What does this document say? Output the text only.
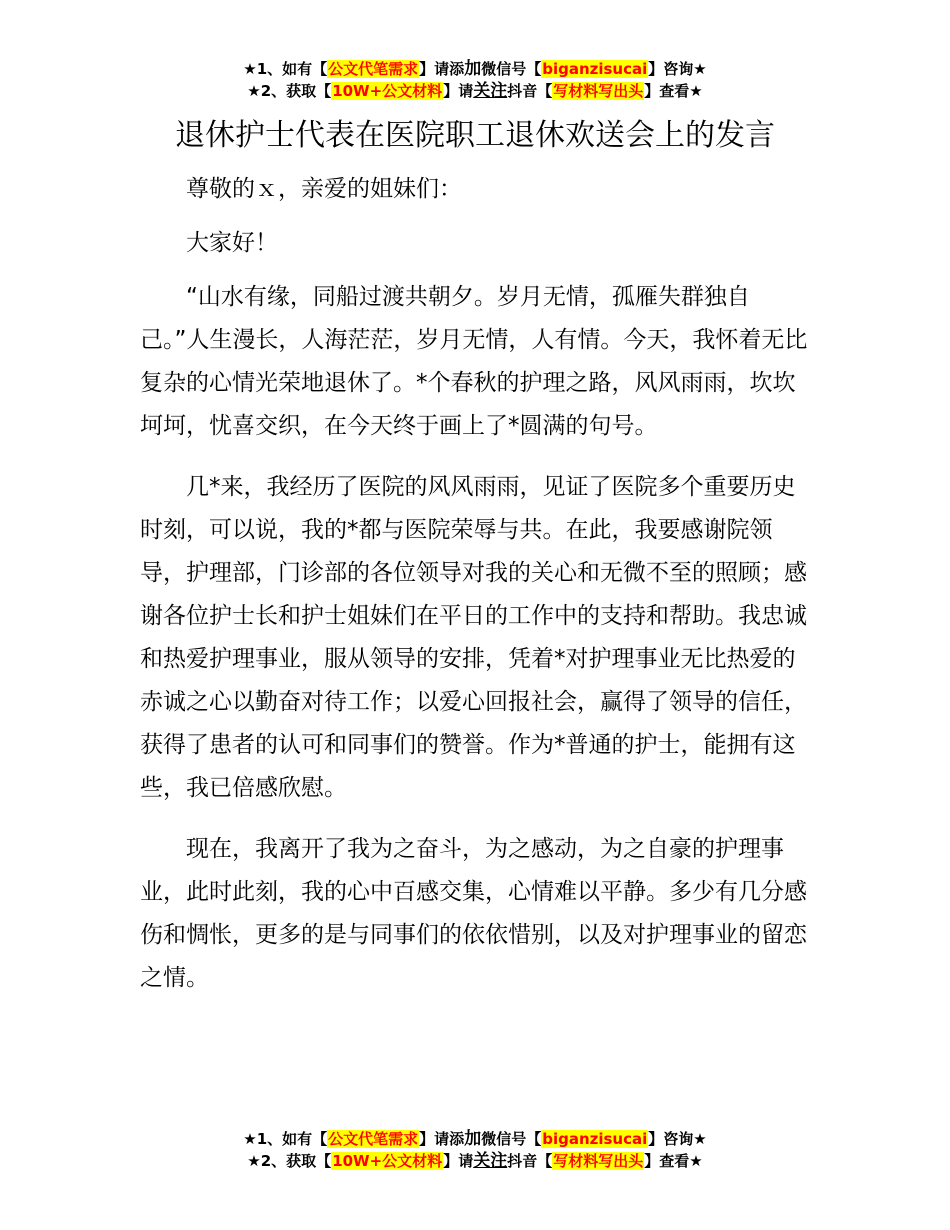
★1、如有【公文代笔需求】请添加微信号【biganzisucai】咨询★
★2、获取【10W+公文材料】请关注抖音【写材料写出头】查看★
退休护士代表在医院职工退休欢送会上的发言

尊敬的ｘ，亲爱的姐妹们：

大家好！

“山水有缘，同船过渡共朝夕。岁月无情，孤雁失群独自己。”人生漫长，人海茫茫，岁月无情，人有情。今天，我怀着无比复杂的心情光荣地退休了。*个春秋的护理之路，风风雨雨，坎坎坷坷，忧喜交织，在今天终于画上了*圆满的句号。

几*来，我经历了医院的风风雨雨，见证了医院多个重要历史时刻，可以说，我的*都与医院荣辱与共。在此，我要感谢院领导，护理部，门诊部的各位领导对我的关心和无微不至的照顾；感谢各位护士长和护士姐妹们在平日的工作中的支持和帮助。我忠诚和热爱护理事业，服从领导的安排，凭着*对护理事业无比热爱的赤诚之心以勤奋对待工作；以爱心回报社会，赢得了领导的信任，获得了患者的认可和同事们的赞誉。作为*普通的护士，能拥有这些，我已倍感欣慰。

现在，我离开了我为之奋斗，为之感动，为之自豪的护理事业，此时此刻，我的心中百感交集，心情难以平静。多少有几分感伤和惆怅，更多的是与同事们的依依惜别，以及对护理事业的留恋之情。

★1、如有【公文代笔需求】请添加微信号【biganzisucai】咨询★
★2、获取【10W+公文材料】请关注抖音【写材料写出头】查看★
